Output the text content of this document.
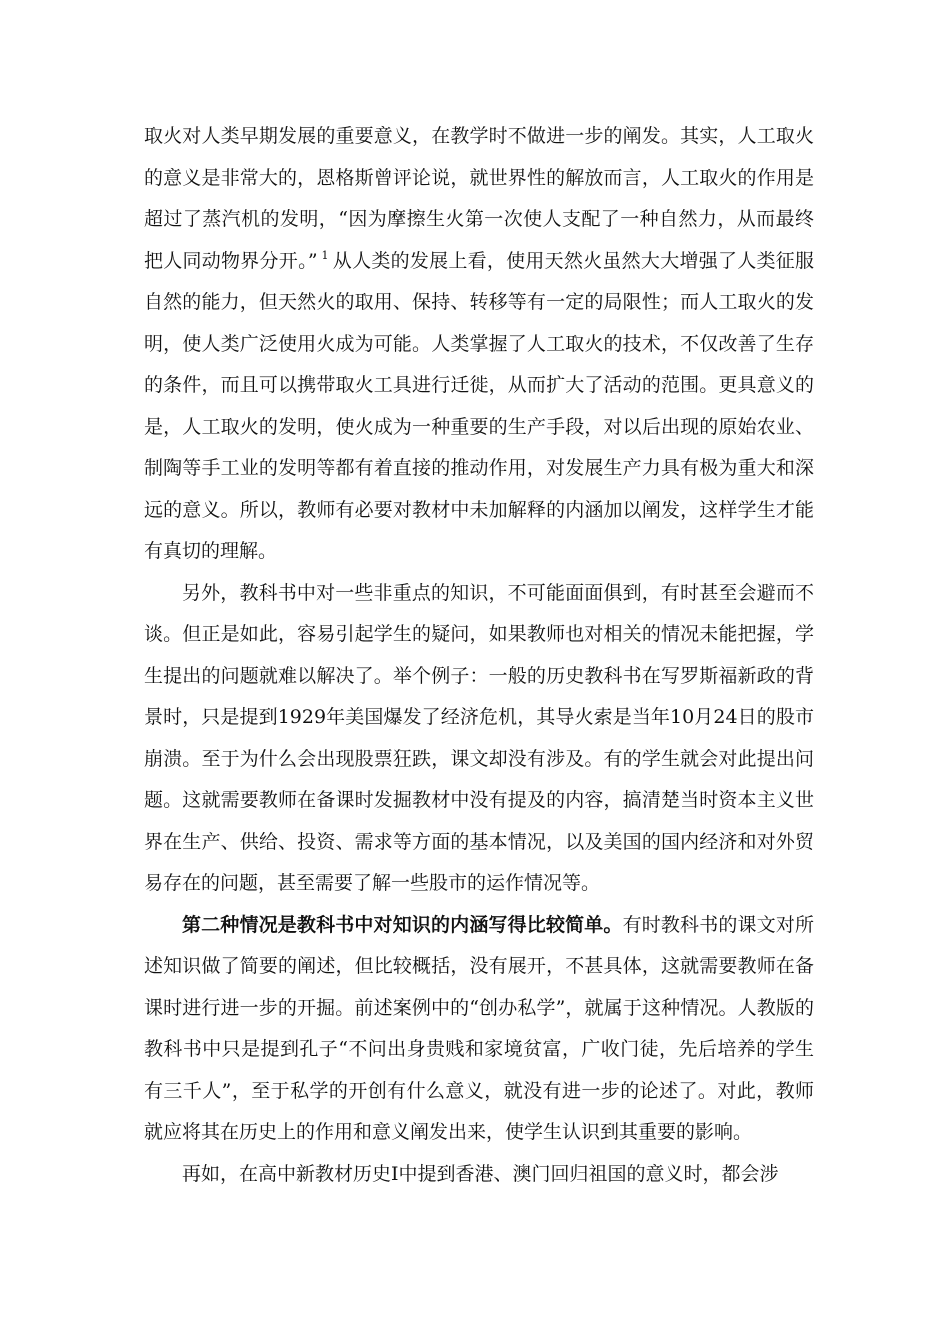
取火对人类早期发展的重要意义，在教学时不做进一步的阐发。其实，人工取火的意义是非常大的，恩格斯曾评论说，就世界性的解放而言，人工取火的作用是超过了蒸汽机的发明，“因为摩擦生火第一次使人支配了一种自然力，从而最终把人同动物界分开。” $^1$ 从人类的发展上看，使用天然火虽然大大增强了人类征服自然的能力，但天然火的取用、保持、转移等有一定的局限性；而人工取火的发明，使人类广泛使用火成为可能。人类掌握了人工取火的技术，不仅改善了生存的条件，而且可以携带取火工具进行迁徙，从而扩大了活动的范围。更具意义的是，人工取火的发明，使火成为一种重要的生产手段，对以后出现的原始农业、制陶等手工业的发明等都有着直接的推动作用，对发展生产力具有极为重大和深远的意义。所以，教师有必要对教材中未加解释的内涵加以阐发，这样学生才能有真切的理解。

另外，教科书中对一些非重点的知识，不可能面面俱到，有时甚至会避而不谈。但正是如此，容易引起学生的疑问，如果教师也对相关的情况未能把握，学生提出的问题就难以解决了。举个例子：一般的历史教科书在写罗斯福新政的背景时，只是提到1929年美国爆发了经济危机，其导火索是当年10月24日的股市崩溃。至于为什么会出现股票狂跌，课文却没有涉及。有的学生就会对此提出问题。这就需要教师在备课时发掘教材中没有提及的内容，搞清楚当时资本主义世界在生产、供给、投资、需求等方面的基本情况，以及美国的国内经济和对外贸易存在的问题，甚至需要了解一些股市的运作情况等。

第二种情况是教科书中对知识的内涵写得比较简单。有时教科书的课文对所述知识做了简要的阐述，但比较概括，没有展开，不甚具体，这就需要教师在备课时进行进一步的开掘。前述案例中的“创办私学”，就属于这种情况。人教版的教科书中只是提到孔子“不问出身贵贱和家境贫富，广收门徒，先后培养的学生有三千人”，至于私学的开创有什么意义，就没有进一步的论述了。对此，教师就应将其在历史上的作用和意义阐发出来，使学生认识到其重要的影响。

再如，在高中新教材历史Ⅰ中提到香港、澳门回归祖国的意义时，都会涉
